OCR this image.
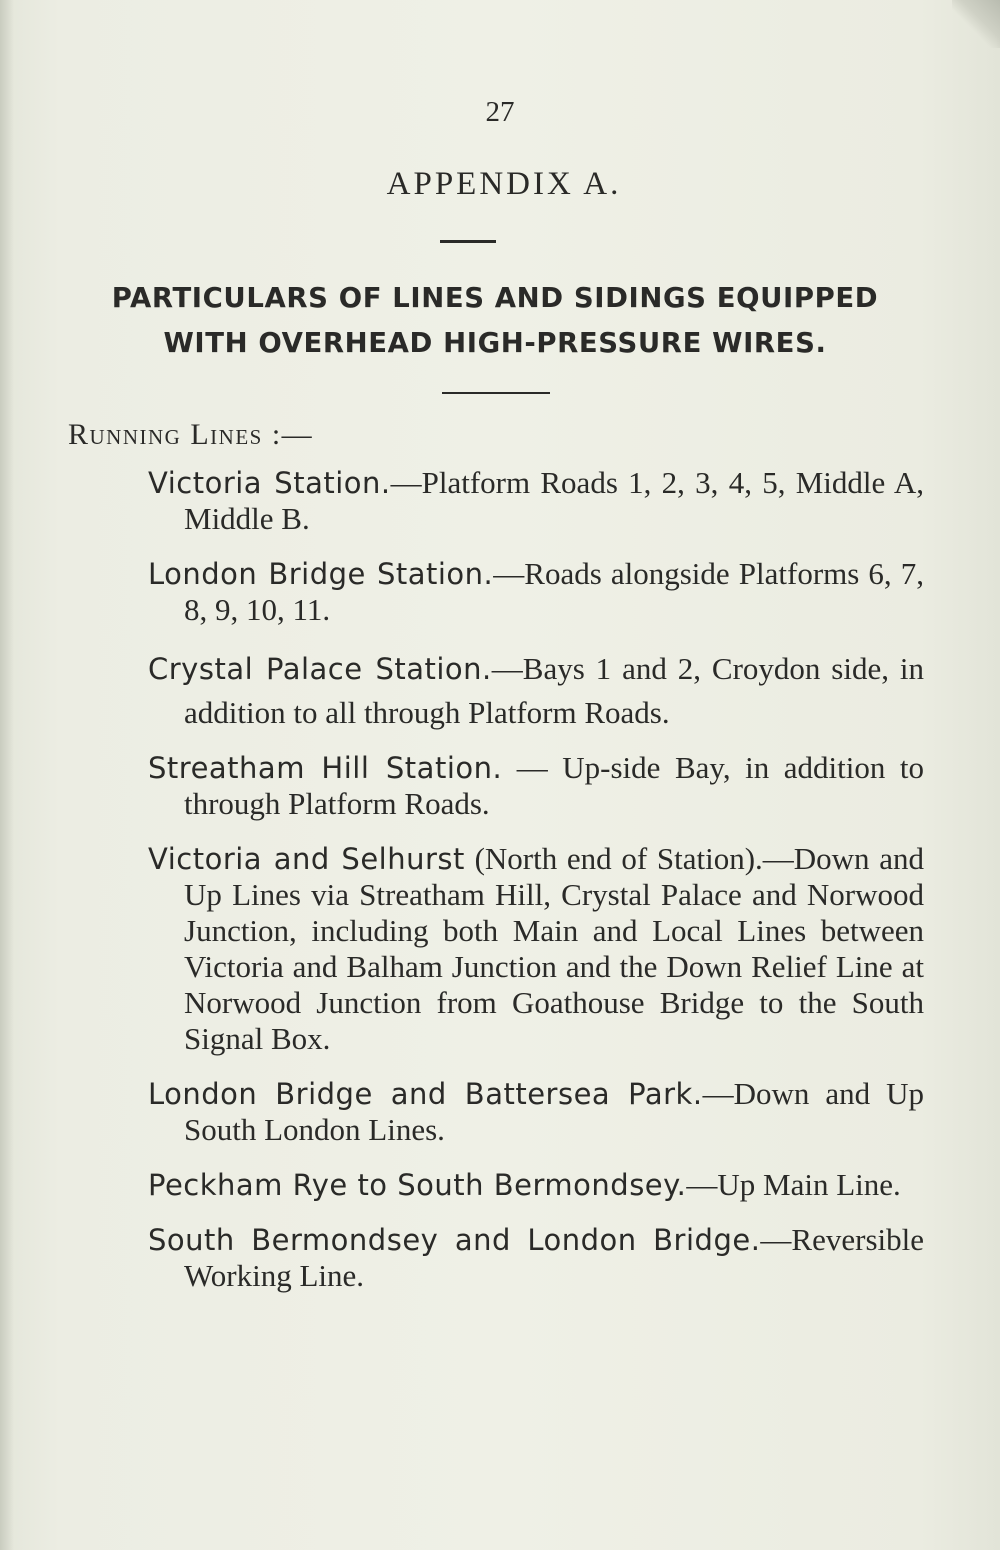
27
APPENDIX A.
PARTICULARS OF LINES AND SIDINGS EQUIPPED
WITH OVERHEAD HIGH-PRESSURE WIRES.
Running Lines :—

Victoria Station.—Platform Roads 1, 2, 3, 4, 5, Middle A, Middle B.

London Bridge Station.—Roads alongside Platforms 6, 7, 8, 9, 10, 11.

Crystal Palace Station.—Bays 1 and 2, Croydon side, in addition to all through Platform Roads.

Streatham Hill Station. — Up-side Bay, in addition to through Platform Roads.

Victoria and Selhurst (North end of Station).—Down and Up Lines via Streatham Hill, Crystal Palace and Norwood Junction, including both Main and Local Lines between Victoria and Balham Junction and the Down Relief Line at Norwood Junction from Goathouse Bridge to the South Signal Box.

London Bridge and Battersea Park.—Down and Up South London Lines.

Peckham Rye to South Bermondsey.—Up Main Line.

South Bermondsey and London Bridge.—Reversible Working Line.
